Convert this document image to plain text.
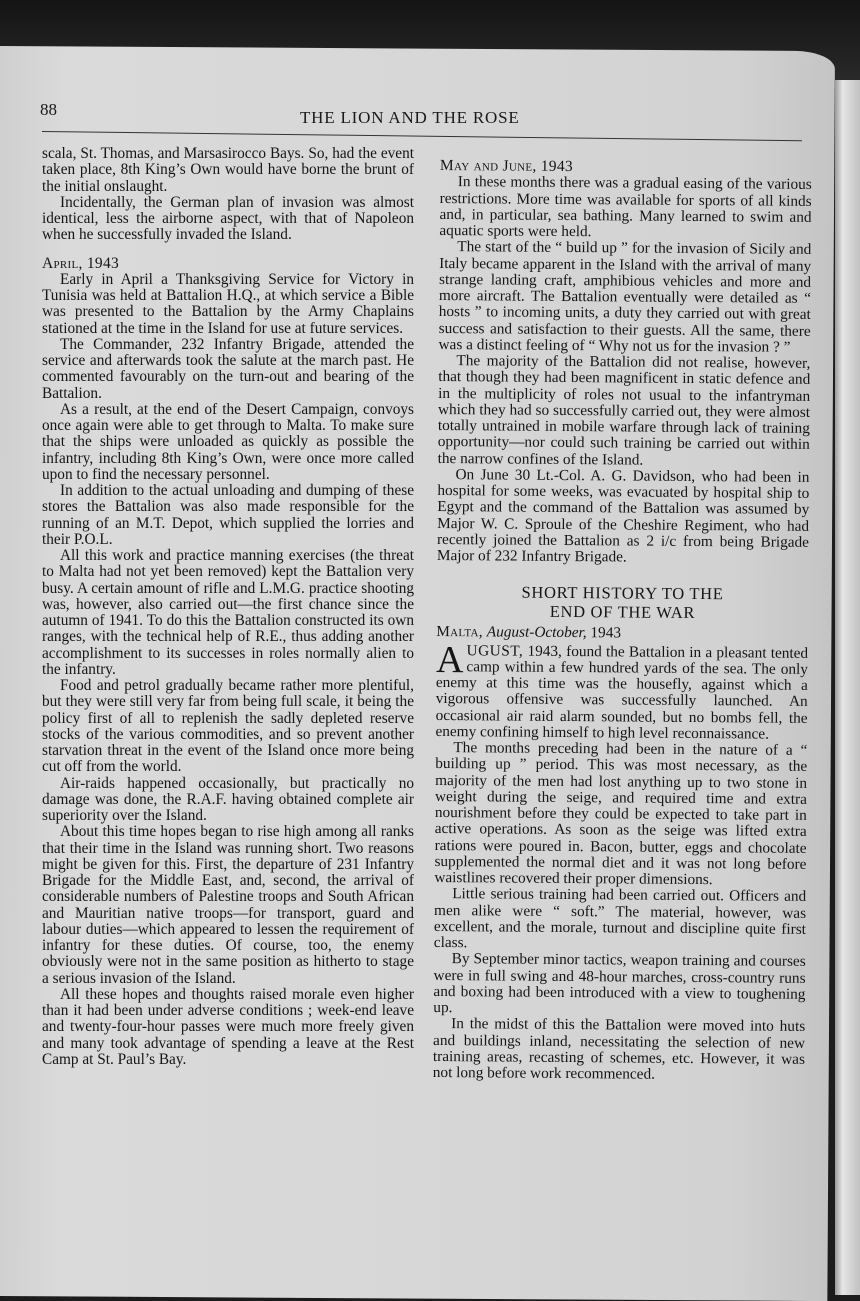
88	THE LION AND THE ROSE

scala, St. Thomas, and Marsasirocco Bays. So, had the event taken place, 8th King’s Own would have borne the brunt of the initial onslaught.

Incidentally, the German plan of invasion was almost identical, less the airborne aspect, with that of Napoleon when he successfully invaded the Island.

April, 1943

Early in April a Thanksgiving Service for Victory in Tunisia was held at Battalion H.Q., at which service a Bible was presented to the Battalion by the Army Chaplains stationed at the time in the Island for use at future services.

The Commander, 232 Infantry Brigade, attended the service and afterwards took the salute at the march past. He commented favourably on the turn-out and bearing of the Battalion.

As a result, at the end of the Desert Campaign, convoys once again were able to get through to Malta. To make sure that the ships were unloaded as quickly as possible the infantry, including 8th King’s Own, were once more called upon to find the necessary personnel.

In addition to the actual unloading and dumping of these stores the Battalion was also made responsible for the running of an M.T. Depot, which supplied the lorries and their P.O.L.

All this work and practice manning exercises (the threat to Malta had not yet been removed) kept the Battalion very busy. A certain amount of rifle and L.M.G. practice shooting was, however, also carried out—the first chance since the autumn of 1941. To do this the Battalion constructed its own ranges, with the technical help of R.E., thus adding another accomplishment to its successes in roles normally alien to the infantry.

Food and petrol gradually became rather more plentiful, but they were still very far from being full scale, it being the policy first of all to replenish the sadly depleted reserve stocks of the various commodities, and so prevent another starvation threat in the event of the Island once more being cut off from the world.

Air-raids happened occasionally, but practically no damage was done, the R.A.F. having obtained complete air superiority over the Island.

About this time hopes began to rise high among all ranks that their time in the Island was running short. Two reasons might be given for this. First, the departure of 231 Infantry Brigade for the Middle East, and, second, the arrival of considerable numbers of Palestine troops and South African and Mauritian native troops—for transport, guard and labour duties—which appeared to lessen the requirement of infantry for these duties. Of course, too, the enemy obviously were not in the same position as hitherto to stage a serious invasion of the Island.

All these hopes and thoughts raised morale even higher than it had been under adverse conditions ; week-end leave and twenty-four-hour passes were much more freely given and many took advantage of spending a leave at the Rest Camp at St. Paul’s Bay.

May and June, 1943

In these months there was a gradual easing of the various restrictions. More time was available for sports of all kinds and, in particular, sea bathing. Many learned to swim and aquatic sports were held.

The start of the “ build up ” for the invasion of Sicily and Italy became apparent in the Island with the arrival of many strange landing craft, amphibious vehicles and more and more aircraft. The Battalion eventually were detailed as “ hosts ” to incoming units, a duty they carried out with great success and satisfaction to their guests. All the same, there was a distinct feeling of “ Why not us for the invasion ? ”

The majority of the Battalion did not realise, however, that though they had been magnificent in static defence and in the multiplicity of roles not usual to the infantryman which they had so successfully carried out, they were almost totally untrained in mobile warfare through lack of training opportunity—nor could such training be carried out within the narrow confines of the Island.

On June 30 Lt.-Col. A. G. Davidson, who had been in hospital for some weeks, was evacuated by hospital ship to Egypt and the command of the Battalion was assumed by Major W. C. Sproule of the Cheshire Regiment, who had recently joined the Battalion as 2 i/c from being Brigade Major of 232 Infantry Brigade.

SHORT HISTORY TO THE
END OF THE WAR
Malta, August-October, 1943

AUGUST, 1943, found the Battalion in a pleasant tented camp within a few hundred yards of the sea. The only enemy at this time was the housefly, against which a vigorous offensive was successfully launched. An occasional air raid alarm sounded, but no bombs fell, the enemy confining himself to high level reconnaissance.

The months preceding had been in the nature of a “ building up ” period. This was most necessary, as the majority of the men had lost anything up to two stone in weight during the seige, and required time and extra nourishment before they could be expected to take part in active operations. As soon as the seige was lifted extra rations were poured in. Bacon, butter, eggs and chocolate supplemented the normal diet and it was not long before waistlines recovered their proper dimensions.

Little serious training had been carried out. Officers and men alike were “ soft.” The material, however, was excellent, and the morale, turnout and discipline quite first class.

By September minor tactics, weapon training and courses were in full swing and 48-hour marches, cross-country runs and boxing had been introduced with a view to toughening up.

In the midst of this the Battalion were moved into huts and buildings inland, necessitating the selection of new training areas, recasting of schemes, etc. However, it was not long before work recommenced.
